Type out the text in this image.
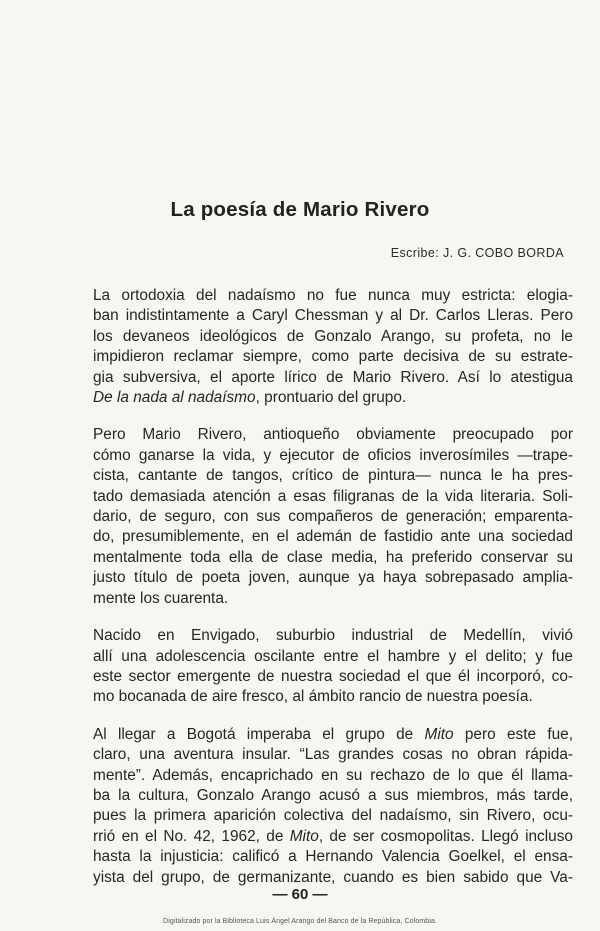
La poesía de Mario Rivero
Escribe: J. G. COBO BORDA

La ortodoxia del nadaísmo no fue nunca muy estricta: elogia-
ban indistintamente a Caryl Chessman y al Dr. Carlos Lleras. Pero
los devaneos ideológicos de Gonzalo Arango, su profeta, no le
impidieron reclamar siempre, como parte decisiva de su estrate-
gia subversiva, el aporte lírico de Mario Rivero. Así lo atestigua
De la nada al nadaísmo, prontuario del grupo.

Pero Mario Rivero, antioqueño obviamente preocupado por
cómo ganarse la vida, y ejecutor de oficios inverosímiles —trape-
cista, cantante de tangos, crítico de pintura— nunca le ha pres-
tado demasiada atención a esas filigranas de la vida literaria. Soli-
dario, de seguro, con sus compañeros de generación; emparenta-
do, presumiblemente, en el ademán de fastidio ante una sociedad
mentalmente toda ella de clase media, ha preferido conservar su
justo título de poeta joven, aunque ya haya sobrepasado amplia-
mente los cuarenta.

Nacido en Envigado, suburbio industrial de Medellín, vivió
allí una adolescencia oscilante entre el hambre y el delito; y fue
este sector emergente de nuestra sociedad el que él incorporó, co-
mo bocanada de aire fresco, al ámbito rancio de nuestra poesía.

Al llegar a Bogotá imperaba el grupo de Mito pero este fue,
claro, una aventura insular. “Las grandes cosas no obran rápida-
mente”. Además, encaprichado en su rechazo de lo que él llama-
ba la cultura, Gonzalo Arango acusó a sus miembros, más tarde,
pues la primera aparición colectiva del nadaísmo, sin Rivero, ocu-
rrió en el No. 42, 1962, de Mito, de ser cosmopolitas. Llegó incluso
hasta la injusticia: calificó a Hernando Valencia Goelkel, el ensa-
yista del grupo, de germanizante, cuando es bien sabido que Va-

— 60 —
Digitalizado por la Biblioteca Luis Ángel Arango del Banco de la República, Colombia.
